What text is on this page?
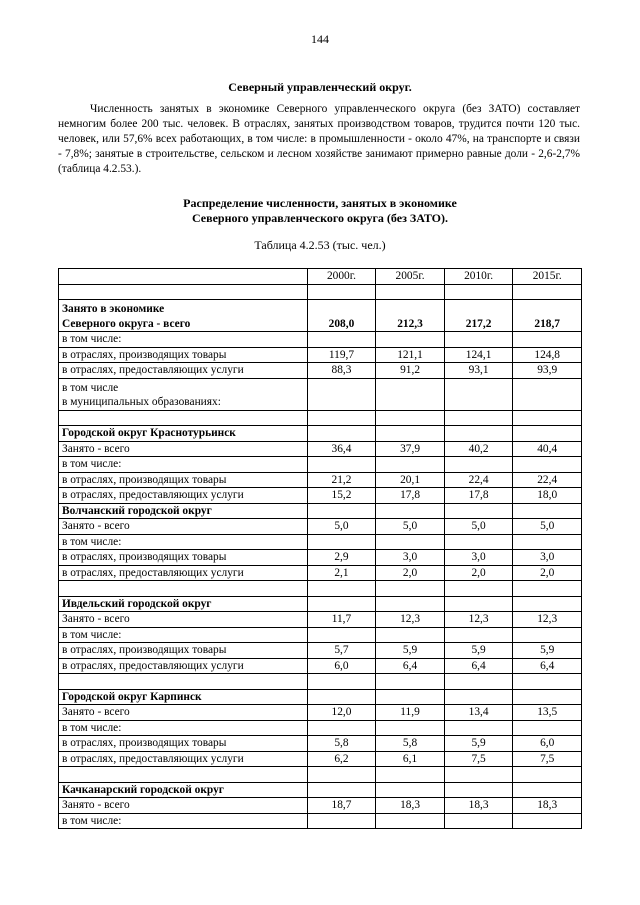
144
Северный управленческий округ.
Численность занятых в экономике Северного управленческого округа (без ЗАТО) составляет немногим более 200 тыс. человек. В отраслях, занятых производством товаров, трудится почти 120 тыс. человек, или 57,6% всех работающих, в том числе: в промышленности - около 47%, на транспорте и связи - 7,8%; занятые в строительстве, сельском и лесном хозяйстве занимают примерно равные доли - 2,6-2,7% (таблица 4.2.53.).
Распределение численности, занятых в экономике
Северного управленческого округа (без ЗАТО).
Таблица 4.2.53 (тыс. чел.)
	2000г.	2005г.	2010г.	2015г.

Занято в экономике
Северного округа - всего	208,0	212,3	217,2	218,7

в том числе:				

в отраслях, производящих товары	119,7	121,1	124,1	124,8

в отраслях, предоставляющих услуги	88,3	91,2	93,1	93,9

в том числе
в муниципальных образованиях:				

Городской округ Краснотурьинск				

Занято - всего	36,4	37,9	40,2	40,4

в том числе:				

в отраслях, производящих товары	21,2	20,1	22,4	22,4

в отраслях, предоставляющих услуги	15,2	17,8	17,8	18,0

Волчанский городской округ				

Занято - всего	5,0	5,0	5,0	5,0

в том числе:				

в отраслях, производящих товары	2,9	3,0	3,0	3,0

в отраслях, предоставляющих услуги	2,1	2,0	2,0	2,0

Ивдельский городской округ				

Занято - всего	11,7	12,3	12,3	12,3

в том числе:				

в отраслях, производящих товары	5,7	5,9	5,9	5,9

в отраслях, предоставляющих услуги	6,0	6,4	6,4	6,4

Городской округ Карпинск				

Занято - всего	12,0	11,9	13,4	13,5

в том числе:				

в отраслях, производящих товары	5,8	5,8	5,9	6,0

в отраслях, предоставляющих услуги	6,2	6,1	7,5	7,5

Качканарский городской округ				

Занято - всего	18,7	18,3	18,3	18,3

в том числе:				
